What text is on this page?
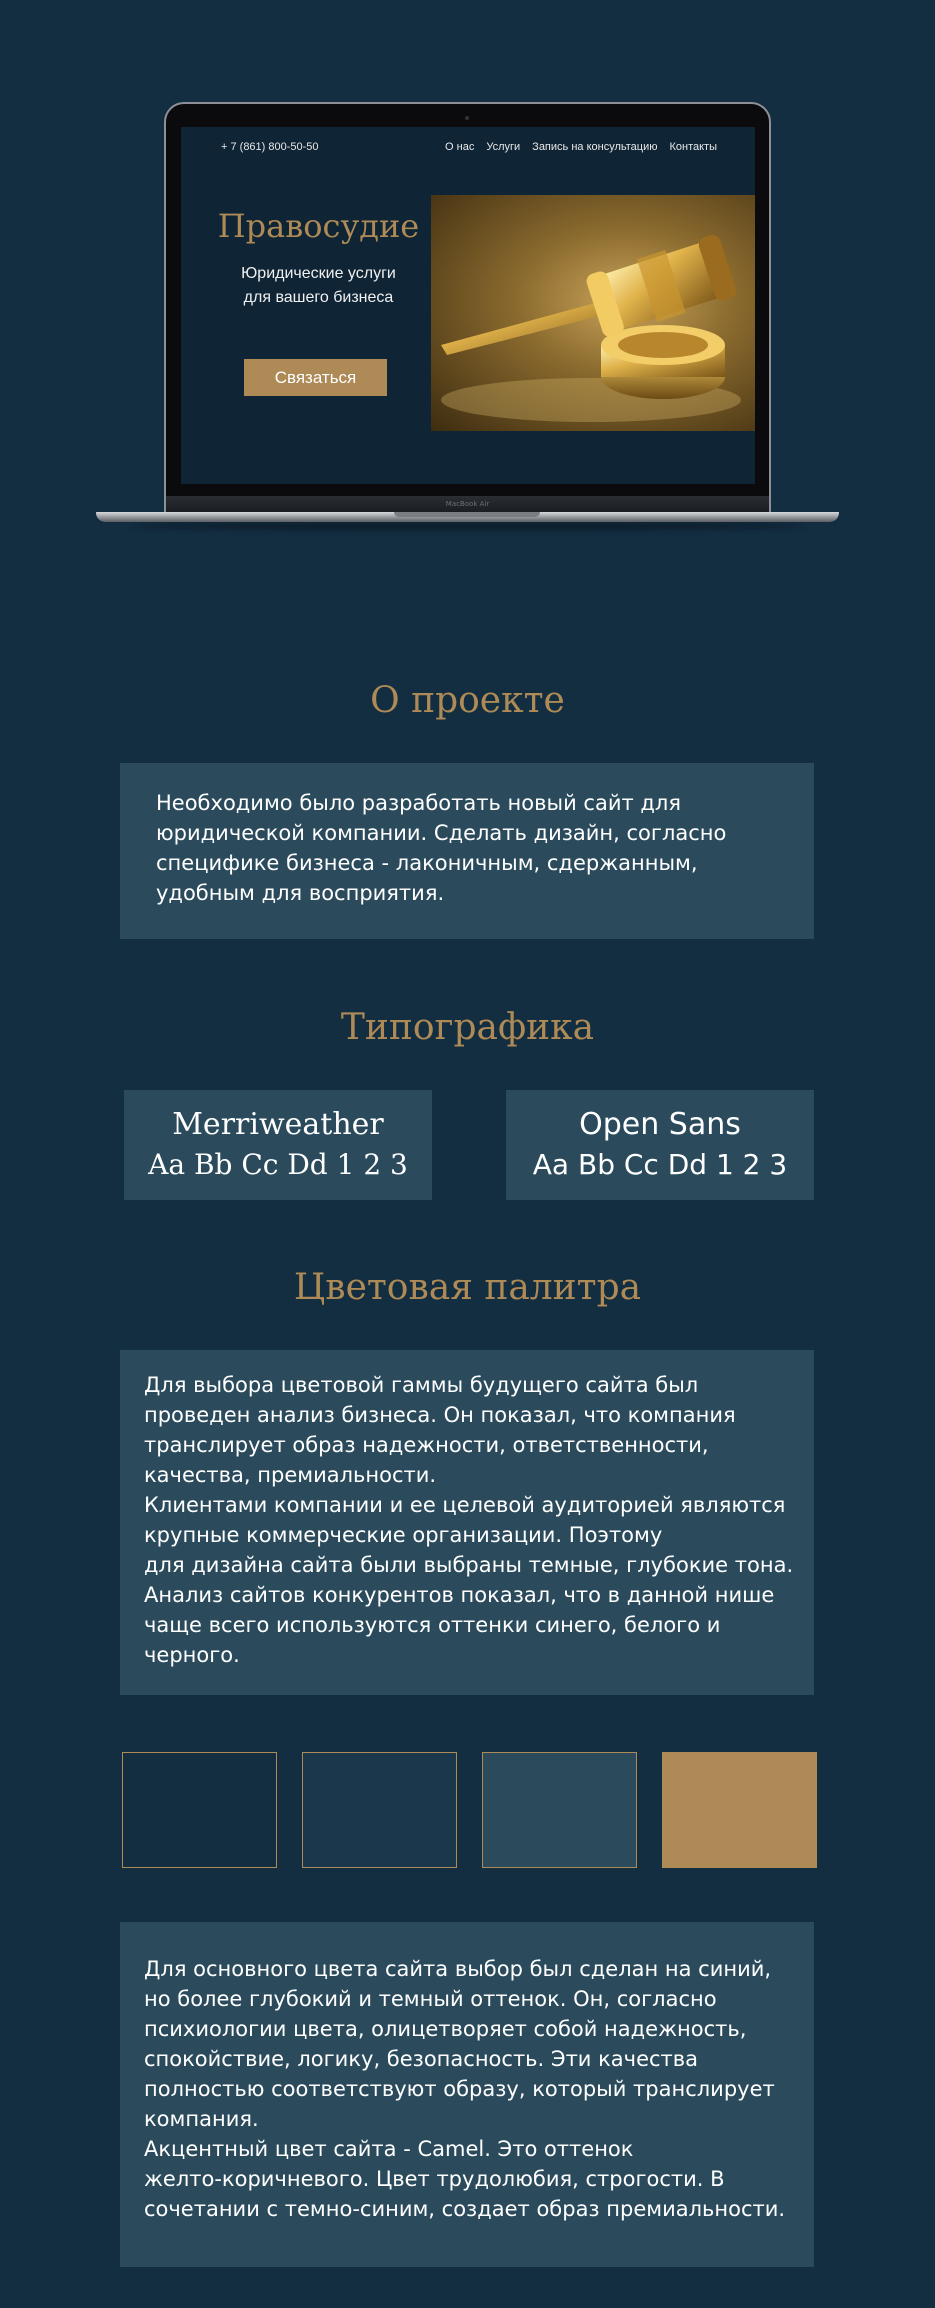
+ 7 (861) 800-50-50	О нас Услуги Запись на консультацию Контакты
Правосудие
Юридические услуги
для вашего бизнеса
Связаться
MacBook Air
О проекте
Необходимо было разработать новый сайт для
юридической компании. Сделать дизайн, согласно
специфике бизнеса - лаконичным, сдержанным,
удобным для восприятия.
Типографика
Merriweather
Aa Bb Cc Dd 1 2 3
Open Sans
Aa Bb Cc Dd 1 2 3
Цветовая палитра
Для выбора цветовой гаммы будущего сайта был
проведен анализ бизнеса. Он показал, что компания
транслирует образ надежности, ответственности,
качества, премиальности.
Клиентами компании и ее целевой аудиторией являются
крупные коммерческие организации. Поэтому
для дизайна сайта были выбраны темные, глубокие тона.
Анализ сайтов конкурентов показал, что в данной нише
чаще всего используются оттенки синего, белого и
черного.
Для основного цвета сайта выбор был сделан на синий,
но более глубокий и темный оттенок. Он, согласно
психиологии цвета, олицетворяет собой надежность,
спокойствие, логику, безопасность. Эти качества
полностью соответствуют образу, который транслирует
компания.
Акцентный цвет сайта - Camel. Это оттенок
желто-коричневого. Цвет трудолюбия, строгости. В
сочетании с темно-синим, создает образ премиальности.
